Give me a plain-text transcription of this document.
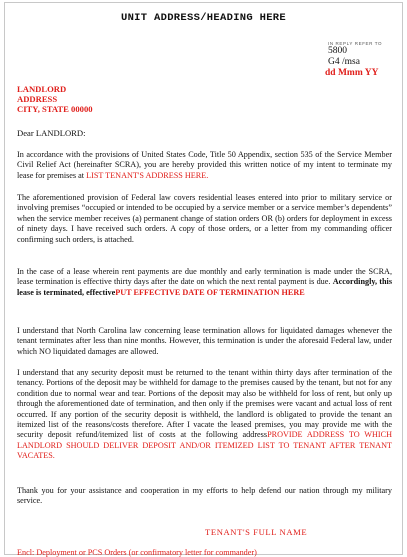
UNIT ADDRESS/HEADING HERE
IN REPLY REFER TO
5800
G4 /msa
dd Mmm YY
LANDLORD
ADDRESS
CITY, STATE 00000
Dear LANDLORD:

In accordance with the provisions of United States Code, Title 50 Appendix, section 535 of the Service Member Civil Relief Act (hereinafter SCRA), you are hereby provided this written notice of my intent to terminate my lease for premises at LIST TENANT'S ADDRESS HERE.

The aforementioned provision of Federal law covers residential leases entered into prior to military service or involving premises “occupied or intended to be occupied by a service member or a service member’s dependents” when the service member receives (a) permanent change of station orders OR (b) orders for deployment in excess of ninety days. I have received such orders. A copy of those orders, or a letter from my commanding officer confirming such orders, is attached.

In the case of a lease wherein rent payments are due monthly and early termination is made under the SCRA, lease termination is effective thirty days after the date on which the next rental payment is due. Accordingly, this lease is terminated, effectivePUT EFFECTIVE DATE OF TERMINATION HERE

I understand that North Carolina law concerning lease termination allows for liquidated damages whenever the tenant terminates after less than nine months. However, this termination is under the aforesaid Federal law, under which NO liquidated damages are allowed.

I understand that any security deposit must be returned to the tenant within thirty days after termination of the tenancy. Portions of the deposit may be withheld for damage to the premises caused by the tenant, but not for any condition due to normal wear and tear. Portions of the deposit may also be withheld for loss of rent, but only up through the aforementioned date of termination, and then only if the premises were vacant and actual loss of rent occurred. If any portion of the security deposit is withheld, the landlord is obligated to provide the tenant an itemized list of the reasons/costs therefore. After I vacate the leased premises, you may provide me with the security deposit refund/itemized list of costs at the following addressPROVIDE ADDRESS TO WHICH LANDLORD SHOULD DELIVER DEPOSIT AND/OR ITEMIZED LIST TO TENANT AFTER TENANT VACATES.

Thank you for your assistance and cooperation in my efforts to help defend our nation through my military service.

TENANT'S FULL NAME
Encl: Deployment or PCS Orders (or confirmatory letter for commander)
